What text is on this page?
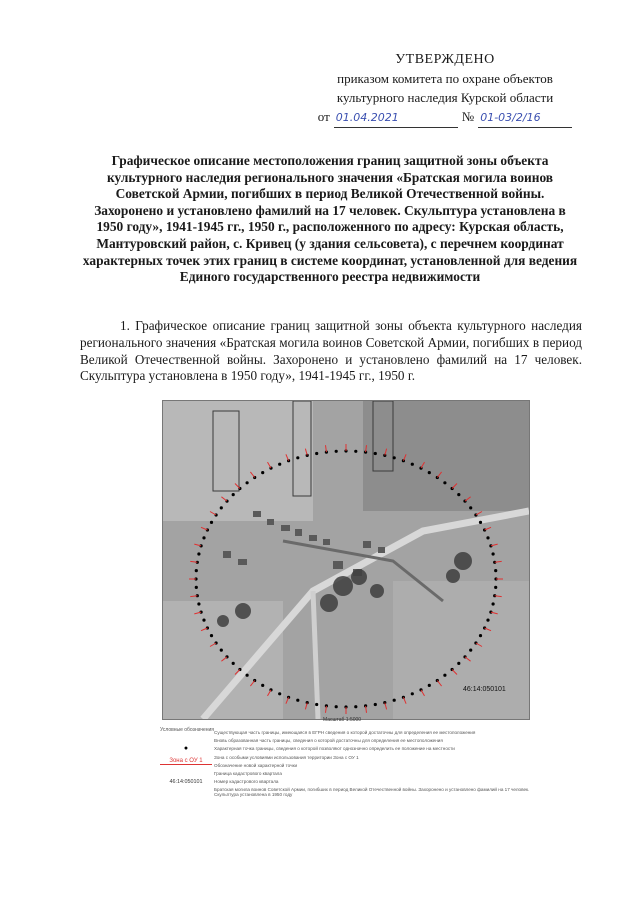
УТВЕРЖДЕНО
приказом комитета по охране объектов
культурного наследия Курской области
от 01.04.2021	№ 01-03/2/16
Графическое описание местоположения границ защитной зоны объекта культурного наследия регионального значения «Братская могила воинов Советской Армии, погибших в период Великой Отечественной войны. Захоронено и установлено фамилий на 17 человек. Скульптура установлена в 1950 году», 1941-1945 гг., 1950 г., расположенного по адресу: Курская область, Мантуровский район, с. Кривец (у здания сельсовета), с перечнем координат характерных точек этих границ в системе координат, установленной для ведения Единого государственного реестра недвижимости
1. Графическое описание границ защитной зоны объекта культурного наследия регионального значения «Братская могила воинов Советской Армии, погибших в период Великой Отечественной войны. Захоронено и установлено фамилий на 17 человек. Скульптура установлена в 1950 году», 1941-1945 гг., 1950 г.
46:14:050101
Масштаб 1:5000
Условные обозначения Существующая часть границы, имеющаяся в ЕГРН сведения о которой достаточны для определения ее местоположения
Вновь образованная часть границы, сведения о которой достаточны для определения ее местоположения
●	Характерная точка границы, сведения о которой позволяют однозначно определить ее положение на местности
Зона с ОУ 1
Зона с особыми условиями использования территории Зона с ОУ 1
Обозначение новой характерной точки
Граница кадастрового квартала
46:14:050101	Номер кадастрового квартала
Братская могила воинов Советской Армии, погибших в период Великой Отечественной войны. Захоронено и установлено фамилий на 17 человек. Скульптура установлена в 1950 году
